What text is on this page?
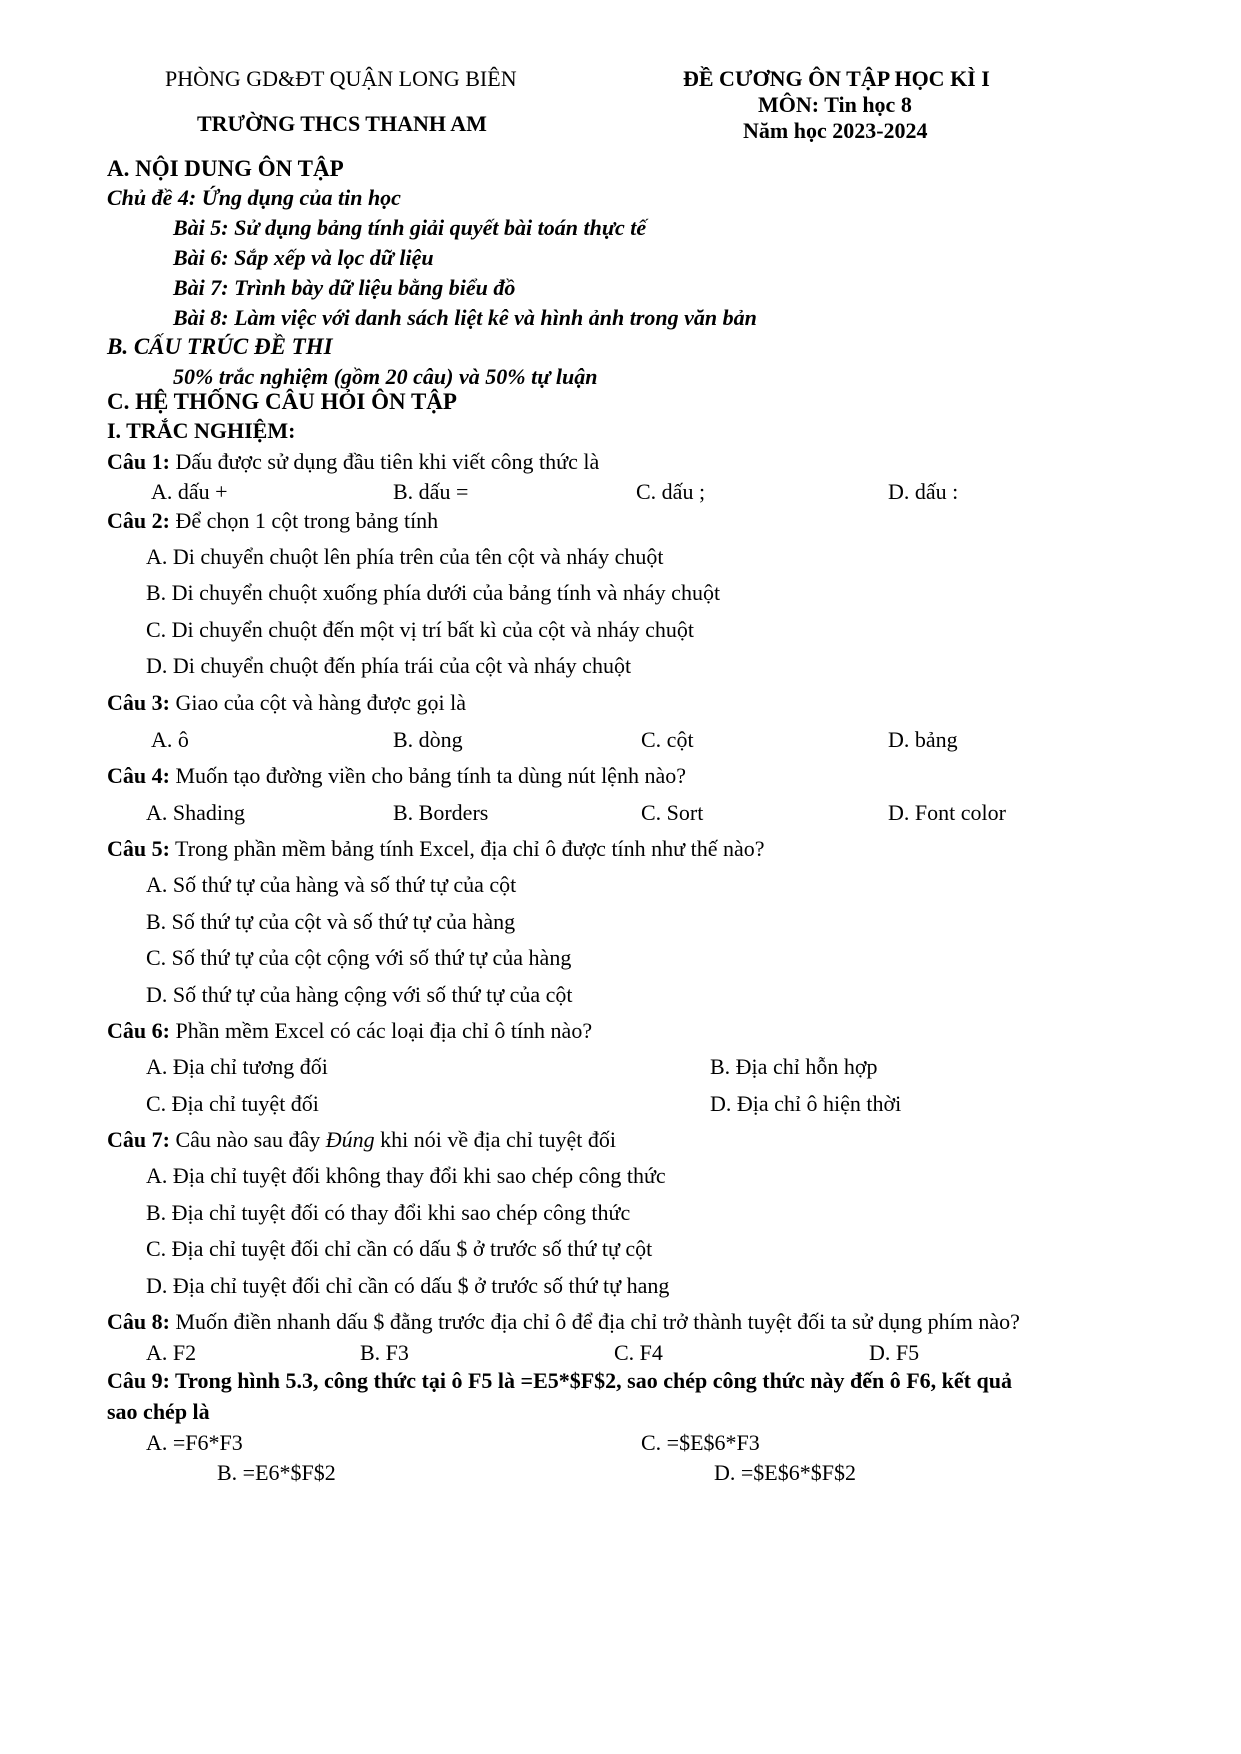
PHÒNG GD&ĐT QUẬN LONG BIÊN
TRƯỜNG THCS THANH AM
ĐỀ CƯƠNG ÔN TẬP HỌC KÌ I
MÔN: Tin học 8
Năm học 2023-2024
A. NỘI DUNG ÔN TẬP
Chủ đề 4: Ứng dụng của tin học
Bài 5: Sử dụng bảng tính giải quyết bài toán thực tế
Bài 6: Sắp xếp và lọc dữ liệu
Bài 7: Trình bày dữ liệu bằng biểu đồ
Bài 8: Làm việc với danh sách liệt kê và hình ảnh trong văn bản
B. CẤU TRÚC ĐỀ THI
50% trắc nghiệm (gồm 20 câu) và 50% tự luận
C. HỆ THỐNG CÂU HỎI ÔN TẬP
I. TRẮC NGHIỆM:
Câu 1: Dấu được sử dụng đầu tiên khi viết công thức là
A. dấu +	B. dấu =	C. dấu ;	D. dấu :
Câu 2: Để chọn 1 cột trong bảng tính
A. Di chuyển chuột lên phía trên của tên cột và nháy chuột
B. Di chuyển chuột xuống phía dưới của bảng tính và nháy chuột
C. Di chuyển chuột đến một vị trí bất kì của cột và nháy chuột
D. Di chuyển chuột đến phía trái của cột và nháy chuột
Câu 3: Giao của cột và hàng được gọi là
A. ô	B. dòng	C. cột	D. bảng
Câu 4: Muốn tạo đường viền cho bảng tính ta dùng nút lệnh nào?
A. Shading	B. Borders	C. Sort	D. Font color
Câu 5: Trong phần mềm bảng tính Excel, địa chỉ ô được tính như thế nào?
A. Số thứ tự của hàng và số thứ tự của cột
B. Số thứ tự của cột và số thứ tự của hàng
C. Số thứ tự của cột cộng với số thứ tự của hàng
D. Số thứ tự của hàng cộng với số thứ tự của cột
Câu 6: Phần mềm Excel có các loại địa chỉ ô tính nào?
A. Địa chỉ tương đối	B. Địa chỉ hỗn hợp
C. Địa chỉ tuyệt đối	D. Địa chỉ ô hiện thời
Câu 7: Câu nào sau đây Đúng khi nói về địa chỉ tuyệt đối
A. Địa chỉ tuyệt đối không thay đổi khi sao chép công thức
B. Địa chỉ tuyệt đối có thay đổi khi sao chép công thức
C. Địa chỉ tuyệt đối chỉ cần có dấu $ ở trước số thứ tự cột
D. Địa chỉ tuyệt đối chỉ cần có dấu $ ở trước số thứ tự hang
Câu 8: Muốn điền nhanh dấu $ đằng trước địa chỉ ô để địa chỉ trở thành tuyệt đối ta sử dụng phím nào?
A. F2	B. F3	C. F4	D. F5
Câu 9: Trong hình 5.3, công thức tại ô F5 là =E5*$F$2, sao chép công thức này đến ô F6, kết quả sao chép là
A. =F6*F3	C. =$E$6*F3
B. =E6*$F$2	D. =$E$6*$F$2
